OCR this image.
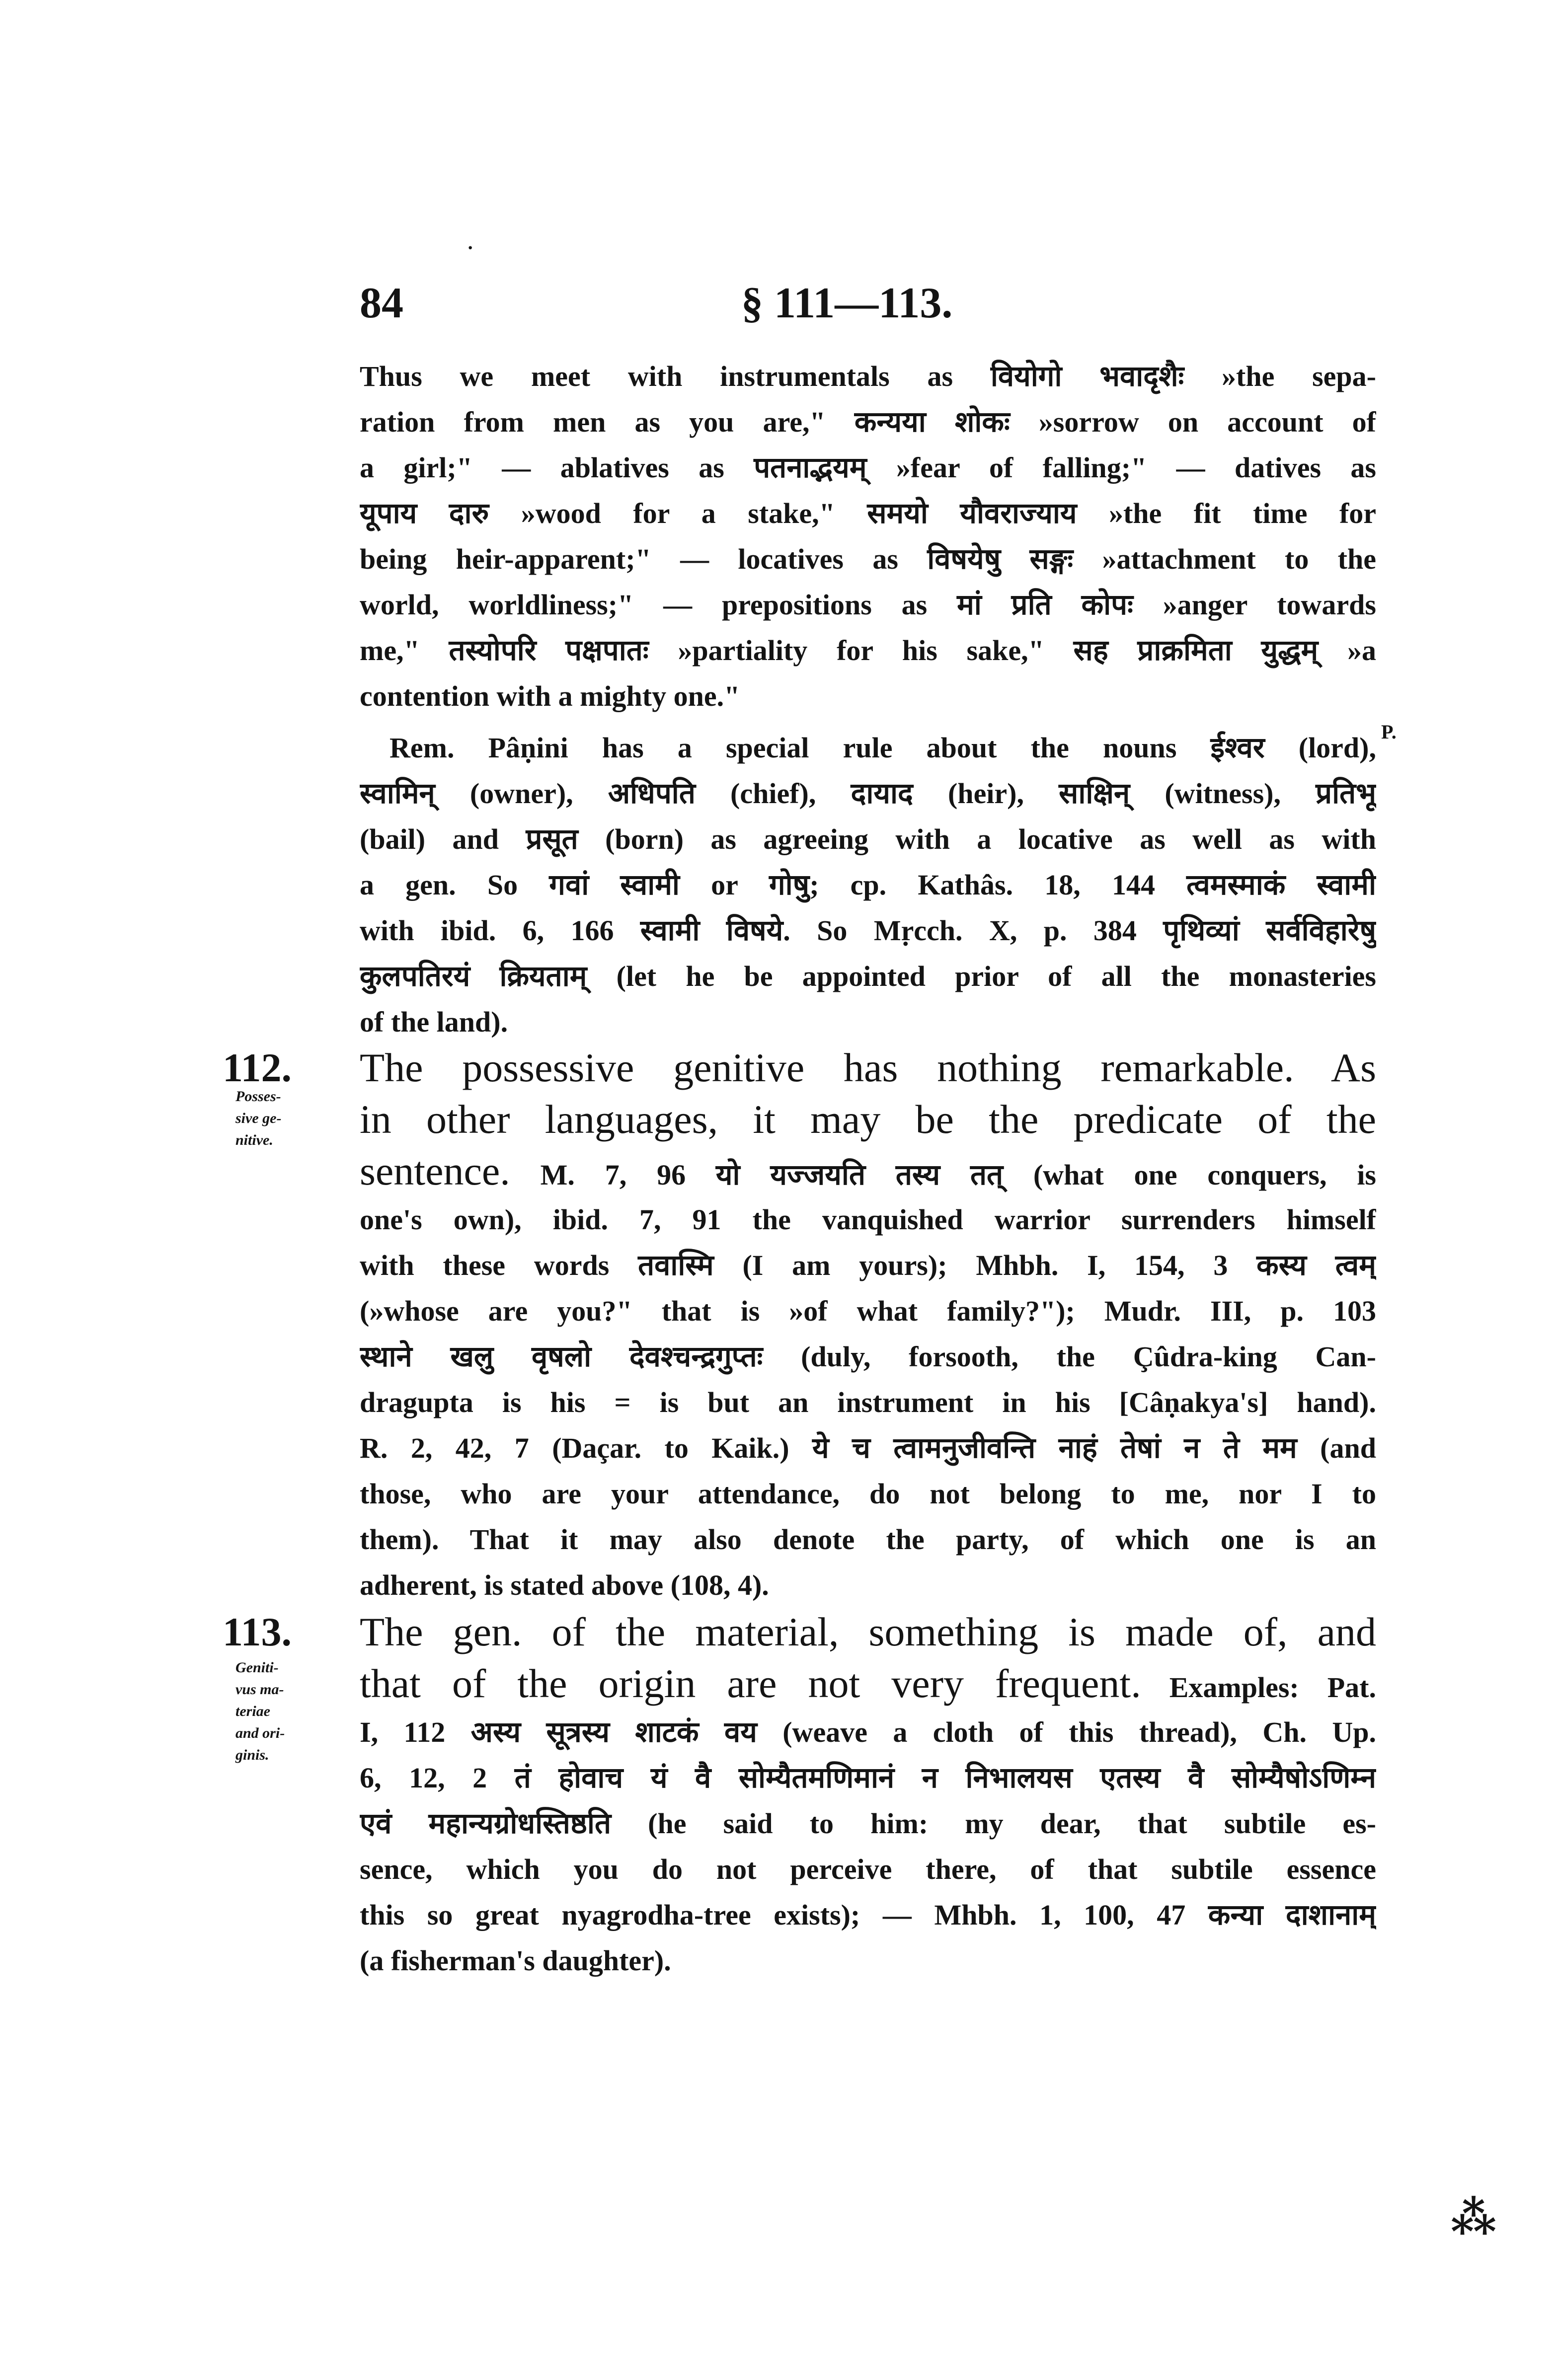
·
84	§ 111—113.
Thus we meet with instrumentals as वियोगो भवादृशैः »the sepa-
ration from men as you are," कन्यया शोकः »sorrow on account of
a girl;" — ablatives as पतनाद्भयम् »fear of falling;" — datives as
यूपाय दारु »wood for a stake," समयो यौवराज्याय »the fit time for
being heir-apparent;" — locatives as विषयेषु सङ्गः »attachment to the
world, worldliness;" — prepositions as मां प्रति कोपः »anger towards
me," तस्योपरि पक्षपातः »partiality for his sake," सह प्राक्रमिता युद्धम् »a
contention with a mighty one."
Rem. Pâṇini has a special rule about the nouns ईश्वर (lord),
स्वामिन् (owner), अधिपति (chief), दायाद (heir), साक्षिन् (witness), प्रतिभू
(bail) and प्रसूत (born) as agreeing with a locative as well as with
a gen. So गवां स्वामी or गोषु; cp. Kathâs. 18, 144 त्वमस्माकं स्वामी
with ibid. 6, 166 स्वामी विषये. So Mṛcch. X, p. 384 पृथिव्यां सर्वविहारेषु
कुलपतिरयं क्रियताम् (let he be appointed prior of all the monasteries
of the land).
P.
112.
Posses-
sive ge-
nitive.
The possessive genitive has nothing remarkable. As
in other languages, it may be the predicate of the
sentence. M. 7, 96 यो यज्जयति तस्य तत् (what one conquers, is
one's own), ibid. 7, 91 the vanquished warrior surrenders himself
with these words तवास्मि (I am yours); Mhbh. I, 154, 3 कस्य त्वम्
(»whose are you?" that is »of what family?"); Mudr. III, p. 103
स्थाने खलु वृषलो देवश्चन्द्रगुप्तः (duly, forsooth, the Çûdra-king Can-
dragupta is his = is but an instrument in his [Câṇakya's] hand).
R. 2, 42, 7 (Daçar. to Kaik.) ये च त्वामनुजीवन्ति नाहं तेषां न ते मम (and
those, who are your attendance, do not belong to me, nor I to
them). That it may also denote the party, of which one is an
adherent, is stated above (108, 4).
113.
Geniti-
vus ma-
teriae
and ori-
ginis.
The gen. of the material, something is made of, and
that of the origin are not very frequent. Examples: Pat.
I, 112 अस्य सूत्रस्य शाटकं वय (weave a cloth of this thread), Ch. Up.
6, 12, 2 तं होवाच यं वै सोम्यैतमणिमानं न निभालयस एतस्य वै सोम्यैषोऽणिम्न
एवं महान्यग्रोधस्तिष्ठति (he said to him: my dear, that subtile es-
sence, which you do not perceive there, of that subtile essence
this so great nyagrodha-tree exists); — Mhbh. 1, 100, 47 कन्या दाशानाम्
(a fisherman's daughter).
⁂
